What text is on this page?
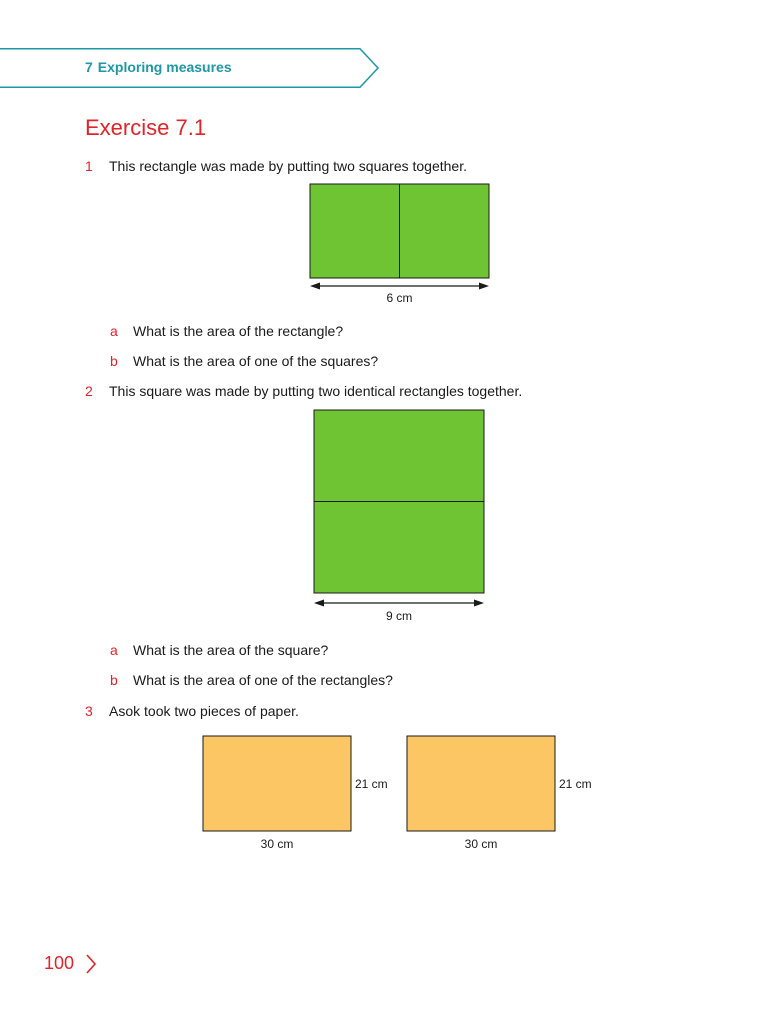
7 Exploring measures
Exercise 7.1
1 This rectangle was made by putting two squares together.
6 cm
a What is the area of the rectangle?
b What is the area of one of the squares?
2 This square was made by putting two identical rectangles together.
9 cm
a What is the area of the square?
b What is the area of one of the rectangles?
3 Asok took two pieces of paper.
21 cm
30 cm
21 cm
30 cm
100
